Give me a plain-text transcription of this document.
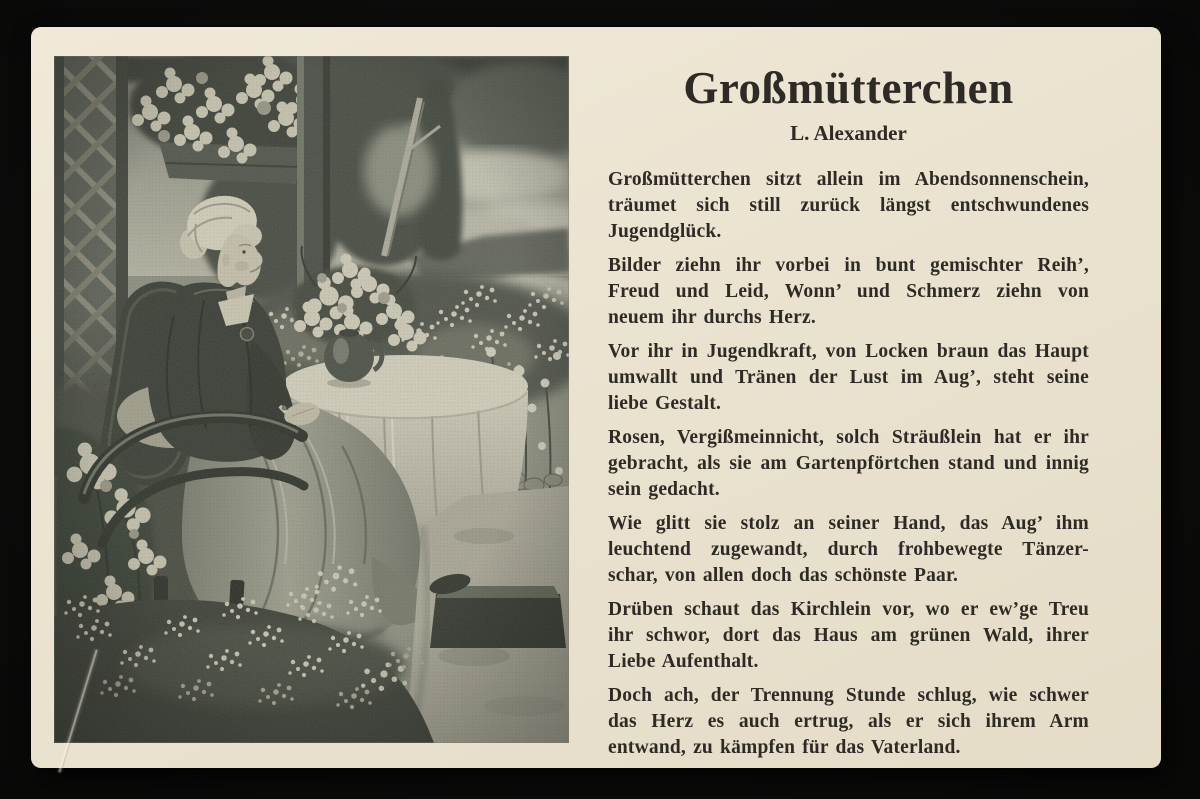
Großmütterchen
L. Alexander
Großmütterchen sitzt allein im Abendsonnenschein,
träumet sich still zurück längst entschwundenes
Jugendglück.
Bilder ziehn ihr vorbei in bunt gemischter Reih’,
Freud und Leid, Wonn’ und Schmerz ziehn von
neuem ihr durchs Herz.
Vor ihr in Jugendkraft, von Locken braun das Haupt
umwallt und Tränen der Lust im Aug’, steht seine
liebe Gestalt.
Rosen, Vergißmeinnicht, solch Sträußlein hat er ihr
gebracht, als sie am Gartenpförtchen stand und innig
sein gedacht.
Wie glitt sie stolz an seiner Hand, das Aug’ ihm
leuchtend zugewandt, durch frohbewegte Tänzer-
schar, von allen doch das schönste Paar.
Drüben schaut das Kirchlein vor, wo er ew’ge Treu
ihr schwor, dort das Haus am grünen Wald, ihrer
Liebe Aufenthalt.
Doch ach, der Trennung Stunde schlug, wie schwer
das Herz es auch ertrug, als er sich ihrem Arm
entwand, zu kämpfen für das Vaterland.
